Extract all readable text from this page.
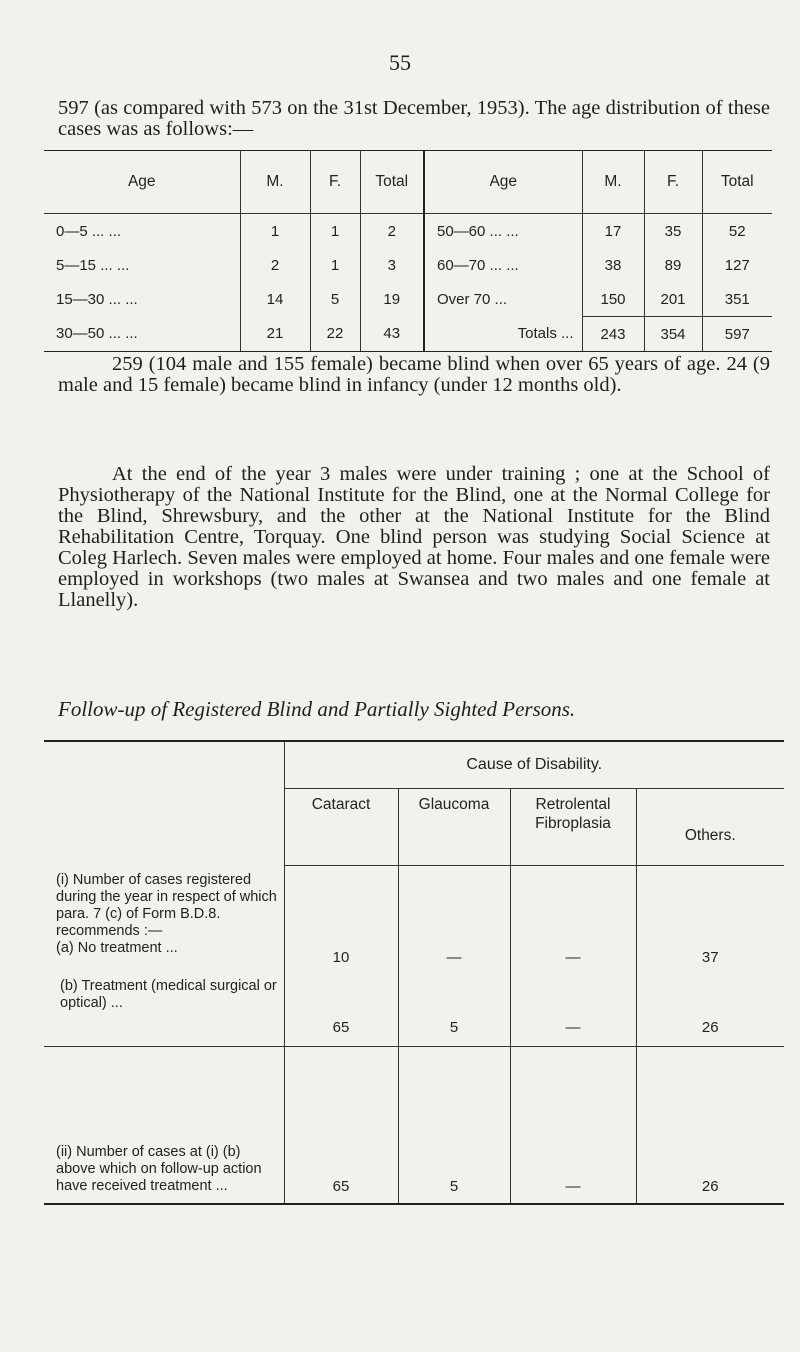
55

597 (as compared with 573 on the 31st December, 1953). The age distribution of these cases was as follows:—

Age	M.	F.	Total	Age	M.	F.	Total
0—5 ... ...	1	1	2	50—60 ... ...	17	35	52
5—15 ... ...	2	1	3	60—70 ... ...	38	89	127
15—30 ... ...	14	5	19	Over 70 ...	150	201	351
30—50 ... ...	21	22	43	Totals ...	243	354	597

259 (104 male and 155 female) became blind when over 65 years of age. 24 (9 male and 15 female) became blind in infancy (under 12 months old).

At the end of the year 3 males were under training ; one at the School of Physiotherapy of the National Institute for the Blind, one at the Normal College for the Blind, Shrewsbury, and the other at the National Institute for the Blind Rehabilitation Centre, Torquay. One blind person was studying Social Science at Coleg Harlech. Seven males were employed at home. Four males and one female were employed in workshops (two males at Swansea and two males and one female at Llanelly).

Follow-up of Registered Blind and Partially Sighted Persons.

	Cause of Disability.			
	Cataract	Glaucoma	Retrolental Fibroplasia	Others.
(i) Number of cases registered during the year in respect of which para. 7 (c) of Form B.D.8. recommends :—				
(a) No treatment ...	10	—	—	37
(b) Treatment (medical surgical or optical) ...	65	5	—	26
(ii) Number of cases at (i) (b) above which on follow-up action have received treatment ...	65	5	—	26
